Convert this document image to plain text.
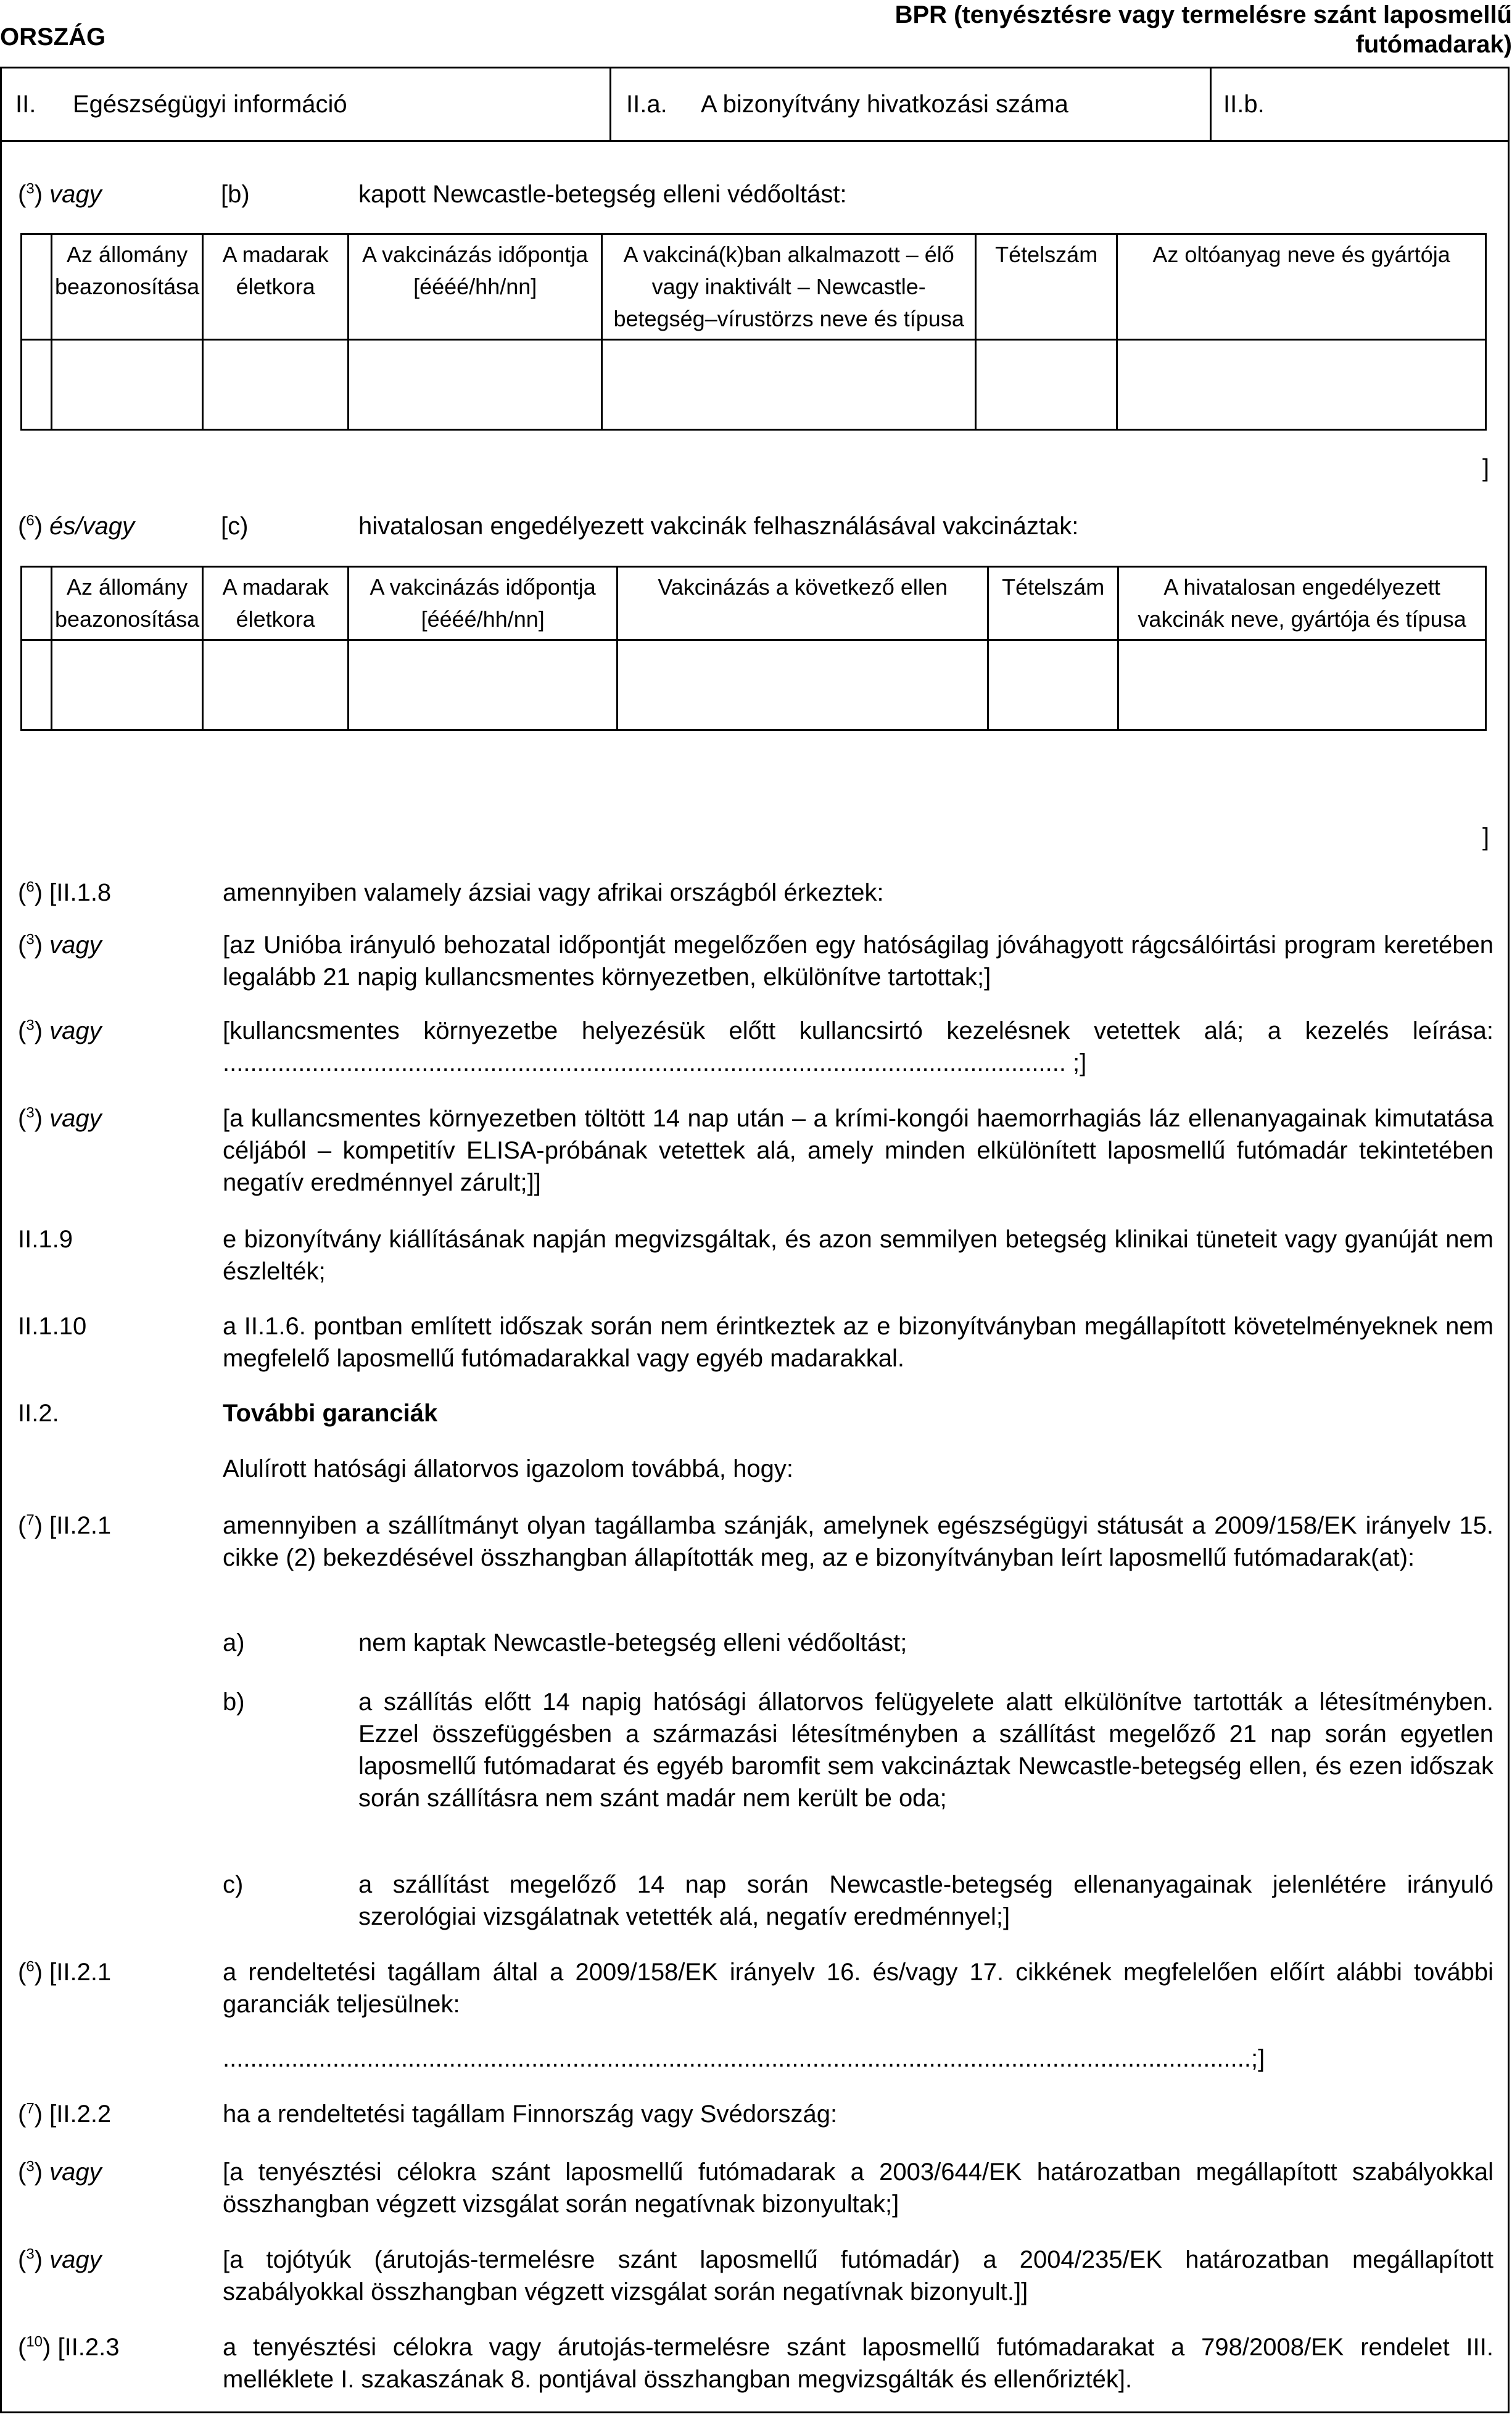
ORSZÁG
BPR (tenyésztésre vagy termelésre szánt laposmellű
futómadarak)
II. Egészségügyi információ	II.a. A bizonyítvány hivatkozási száma	II.b.
($^3$) vagy	[b)	kapott Newcastle-betegség elleni védőoltást:
	Az állomány beazonosítása	A madarak életkora	A vakcinázás időpontja [éééé/hh/nn]	A vakciná(k)ban alkalmazott – élő vagy inaktivált – Newcastle-betegség–vírustörzs neve és típusa	Tételszám	Az oltóanyag neve és gyártója

]
($^6$) és/vagy	[c)	hivatalosan engedélyezett vakcinák felhasználásával vakcináztak:
	Az állomány beazonosítása	A madarak életkora	A vakcinázás időpontja [éééé/hh/nn]	Vakcinázás a következő ellen	Tételszám	A hivatalosan engedélyezett vakcinák neve, gyártója és típusa

]
($^6$) [II.1.8	amennyiben valamely ázsiai vagy afrikai országból érkeztek:
($^3$) vagy	[az Unióba irányuló behozatal időpontját megelőzően egy hatóságilag jóváhagyott rágcsálóirtási program keretében legalább 21 napig kullancsmentes környezetben, elkülönítve tartottak;]
($^3$) vagy	[kullancsmentes környezetbe helyezésük előtt kullancsirtó kezelésnek vetettek alá; a kezelés leírása: ........................................................................................................................... ;]
($^3$) vagy	[a kullancsmentes környezetben töltött 14 nap után – a krími-kongói haemorrhagiás láz ellenanyagainak kimutatása céljából – kompetitív ELISA-próbának vetettek alá, amely minden elkülönített laposmellű futómadár tekintetében negatív eredménnyel zárult;]]
II.1.9	e bizonyítvány kiállításának napján megvizsgáltak, és azon semmilyen betegség klinikai tüneteit vagy gyanúját nem észlelték;
II.1.10	a II.1.6. pontban említett időszak során nem érintkeztek az e bizonyítványban megállapított követelményeknek nem megfelelő laposmellű futómadarakkal vagy egyéb madarakkal.
II.2.	További garanciák
Alulírott hatósági állatorvos igazolom továbbá, hogy:
($^7$) [II.2.1	amennyiben a szállítmányt olyan tagállamba szánják, amelynek egészségügyi státusát a 2009/158/EK irányelv 15. cikke (2) bekezdésével összhangban állapították meg, az e bizonyítványban leírt laposmellű futómadarak(at):
a)	nem kaptak Newcastle-betegség elleni védőoltást;
b)	a szállítás előtt 14 napig hatósági állatorvos felügyelete alatt elkülönítve tartották a létesítményben. Ezzel összefüggésben a származási létesítményben a szállítást megelőző 21 nap során egyetlen laposmellű futómadarat és egyéb baromfit sem vakcináztak Newcastle-betegség ellen, és ezen időszak során szállításra nem szánt madár nem került be oda;
c)	a szállítást megelőző 14 nap során Newcastle-betegség ellenanyagainak jelenlétére irányuló szerológiai vizsgálatnak vetették alá, negatív eredménnyel;]
($^6$) [II.2.1	a rendeltetési tagállam által a 2009/158/EK irányelv 16. és/vagy 17. cikkének megfelelően előírt alábbi további garanciák teljesülnek:
......................................................................................................................................................;]
($^7$) [II.2.2	ha a rendeltetési tagállam Finnország vagy Svédország:
($^3$) vagy	[a tenyésztési célokra szánt laposmellű futómadarak a 2003/644/EK határozatban megállapított szabályokkal összhangban végzett vizsgálat során negatívnak bizonyultak;]
($^3$) vagy	[a tojótyúk (árutojás-termelésre szánt laposmellű futómadár) a 2004/235/EK határozatban megállapított szabályokkal összhangban végzett vizsgálat során negatívnak bizonyult.]]
($^{10}$) [II.2.3	a tenyésztési célokra vagy árutojás-termelésre szánt laposmellű futómadarakat a 798/2008/EK rendelet III. melléklete I. szakaszának 8. pontjával összhangban megvizsgálták és ellenőrizték].
